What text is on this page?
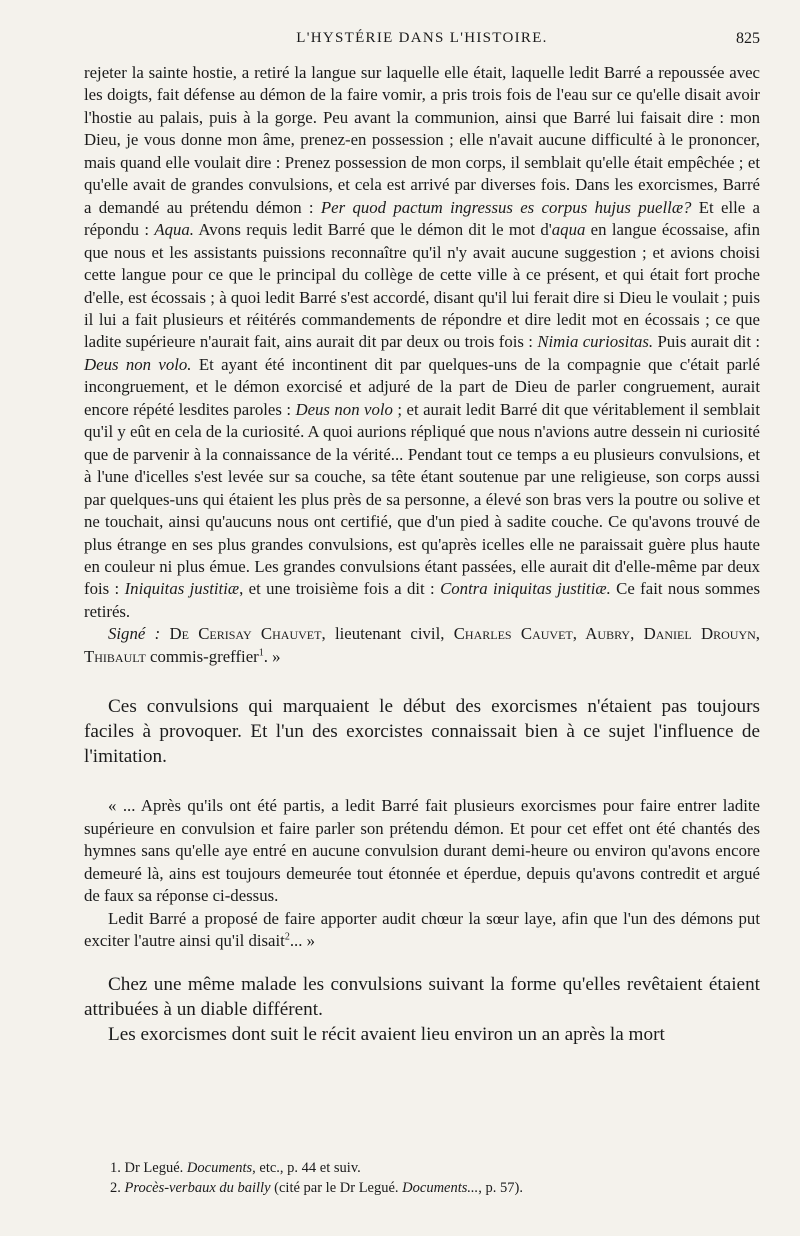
L'HYSTÉRIE DANS L'HISTOIRE.	825

rejeter la sainte hostie, a retiré la langue sur laquelle elle était, laquelle ledit Barré a repoussée avec les doigts, fait défense au démon de la faire vomir, a pris trois fois de l'eau sur ce qu'elle disait avoir l'hostie au palais, puis à la gorge. Peu avant la communion, ainsi que Barré lui faisait dire : mon Dieu, je vous donne mon âme, prenez-en possession ; elle n'avait aucune difficulté à le prononcer, mais quand elle voulait dire : Prenez possession de mon corps, il semblait qu'elle était empêchée ; et qu'elle avait de grandes convulsions, et cela est arrivé par diverses fois. Dans les exorcismes, Barré a demandé au prétendu démon : Per quod pactum ingressus es corpus hujus puellæ? Et elle a répondu : Aqua. Avons requis ledit Barré que le démon dit le mot d'aqua en langue écossaise, afin que nous et les assistants puissions reconnaître qu'il n'y avait aucune suggestion ; et avions choisi cette langue pour ce que le principal du collège de cette ville à ce présent, et qui était fort proche d'elle, est écossais ; à quoi ledit Barré s'est accordé, disant qu'il lui ferait dire si Dieu le voulait ; puis il lui a fait plusieurs et réitérés commandements de répondre et dire ledit mot en écossais ; ce que ladite supérieure n'aurait fait, ains aurait dit par deux ou trois fois : Nimia curiositas. Puis aurait dit : Deus non volo. Et ayant été incontinent dit par quelques-uns de la compagnie que c'était parlé incongruement, et le démon exorcisé et adjuré de la part de Dieu de parler congruement, aurait encore répété lesdites paroles : Deus non volo ; et aurait ledit Barré dit que véritablement il semblait qu'il y eût en cela de la curiosité. A quoi aurions répliqué que nous n'avions autre dessein ni curiosité que de parvenir à la connaissance de la vérité... Pendant tout ce temps a eu plusieurs convulsions, et à l'une d'icelles s'est levée sur sa couche, sa tête étant soutenue par une religieuse, son corps aussi par quelques-uns qui étaient les plus près de sa personne, a élevé son bras vers la poutre ou solive et ne touchait, ainsi qu'aucuns nous ont certifié, que d'un pied à sadite couche. Ce qu'avons trouvé de plus étrange en ses plus grandes convulsions, est qu'après icelles elle ne paraissait guère plus haute en couleur ni plus émue. Les grandes convulsions étant passées, elle aurait dit d'elle-même par deux fois : Iniquitas justitiæ, et une troisième fois a dit : Contra iniquitas justitiæ. Ce fait nous sommes retirés.

Signé : De Cerisay Chauvet, lieutenant civil, Charles Cauvet, Aubry, Daniel Drouyn, Thibault commis-greffier$^1$. »

Ces convulsions qui marquaient le début des exorcismes n'étaient pas toujours faciles à provoquer. Et l'un des exorcistes connaissait bien à ce sujet l'influence de l'imitation.

« ... Après qu'ils ont été partis, a ledit Barré fait plusieurs exorcismes pour faire entrer ladite supérieure en convulsion et faire parler son prétendu démon. Et pour cet effet ont été chantés des hymnes sans qu'elle aye entré en aucune convulsion durant demi-heure ou environ qu'avons encore demeuré là, ains est toujours demeurée tout étonnée et éperdue, depuis qu'avons contredit et argué de faux sa réponse ci-dessus.

Ledit Barré a proposé de faire apporter audit chœur la sœur laye, afin que l'un des démons put exciter l'autre ainsi qu'il disait$^2$... »

Chez une même malade les convulsions suivant la forme qu'elles revêtaient étaient attribuées à un diable différent.

Les exorcismes dont suit le récit avaient lieu environ un an après la mort

1. Dr Legué. Documents, etc., p. 44 et suiv.
2. Procès-verbaux du bailly (cité par le Dr Legué. Documents..., p. 57).
